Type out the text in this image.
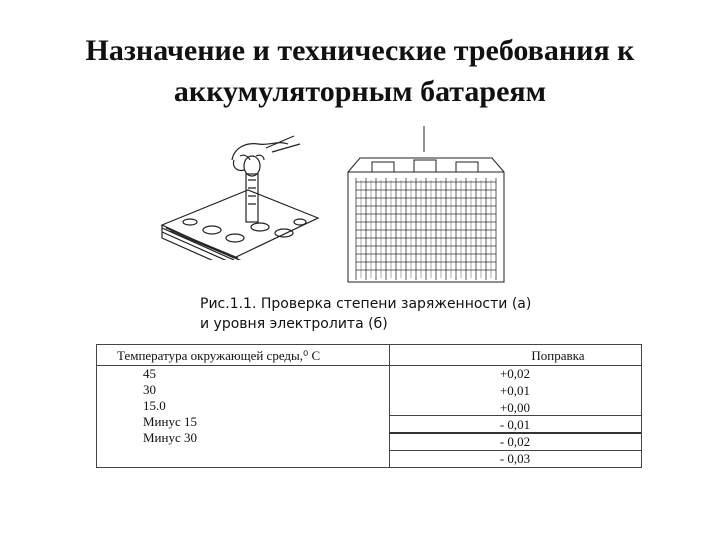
Назначение и технические требования к
аккумуляторным батареям
Рис.1.1. Проверка степени заряженности (а)
и уровня электролита (б)
Температура окружающей среды,⁰ С	Поправка
45
30
15.0
Минус 15
Минус 30
+0,02
+0,01
+0,00
- 0,01
- 0,02
- 0,03
